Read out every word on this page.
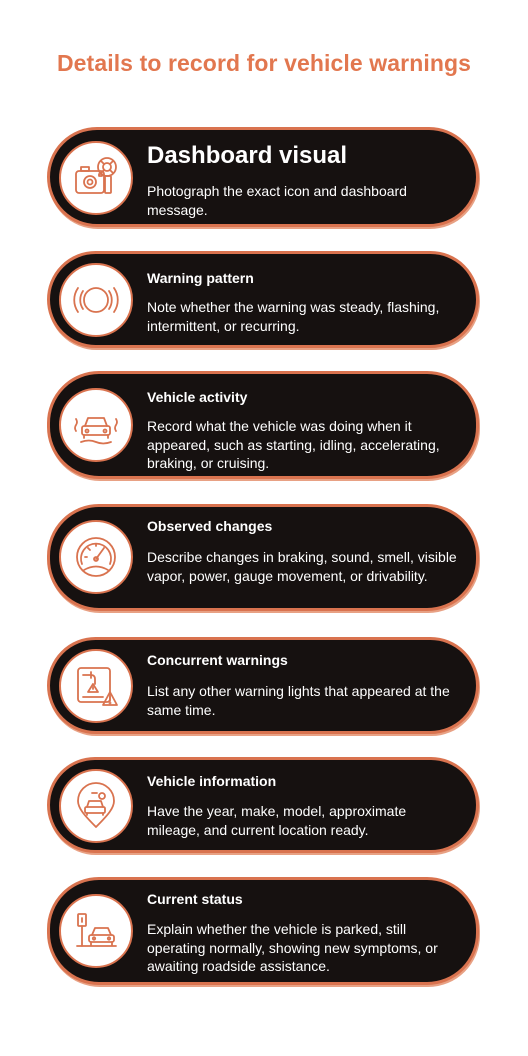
Details to record for vehicle warnings
Dashboard visual
Photograph the exact icon and dashboard message.
Warning pattern
Note whether the warning was steady, flashing, intermittent, or recurring.
Vehicle activity
Record what the vehicle was doing when it appeared, such as starting, idling, accelerating, braking, or cruising.
Observed changes
Describe changes in braking, sound, smell, visible vapor, power, gauge movement, or drivability.
Concurrent warnings
List any other warning lights that appeared at the same time.
Vehicle information
Have the year, make, model, approximate mileage, and current location ready.
Current status
Explain whether the vehicle is parked, still operating normally, showing new symptoms, or awaiting roadside assistance.
